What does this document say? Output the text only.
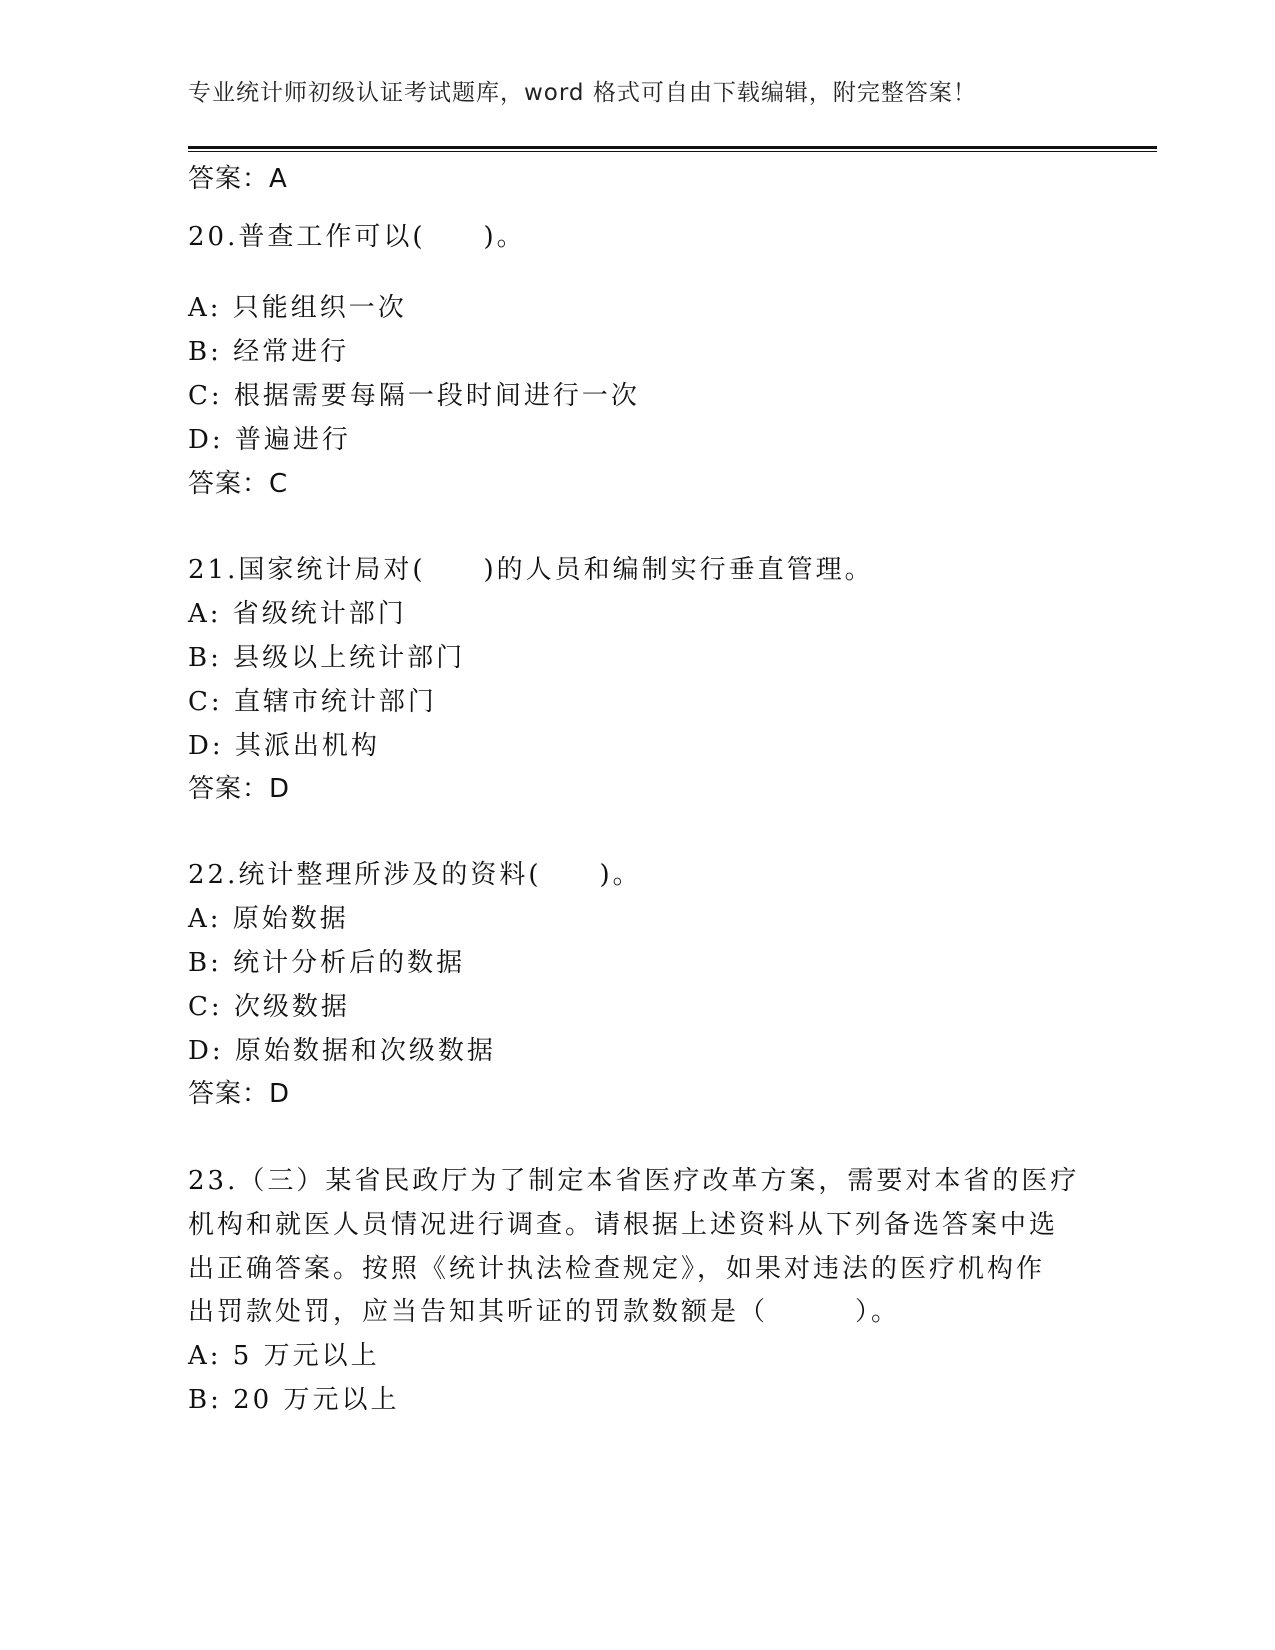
专业统计师初级认证考试题库，word 格式可自由下载编辑，附完整答案！
答案：A
20.普查工作可以(　　)。
A: 只能组织一次
B: 经常进行
C: 根据需要每隔一段时间进行一次
D: 普遍进行
答案：C
21.国家统计局对(　　)的人员和编制实行垂直管理。
A: 省级统计部门
B: 县级以上统计部门
C: 直辖市统计部门
D: 其派出机构
答案：D
22.统计整理所涉及的资料(　　)。
A: 原始数据
B: 统计分析后的数据
C: 次级数据
D: 原始数据和次级数据
答案：D
23.（三）某省民政厅为了制定本省医疗改革方案，需要对本省的医疗
机构和就医人员情况进行调查。请根据上述资料从下列备选答案中选
出正确答案。按照《统计执法检查规定》，如果对违法的医疗机构作
出罚款处罚，应当告知其听证的罚款数额是（　　　）。
A: 5 万元以上
B: 20 万元以上
